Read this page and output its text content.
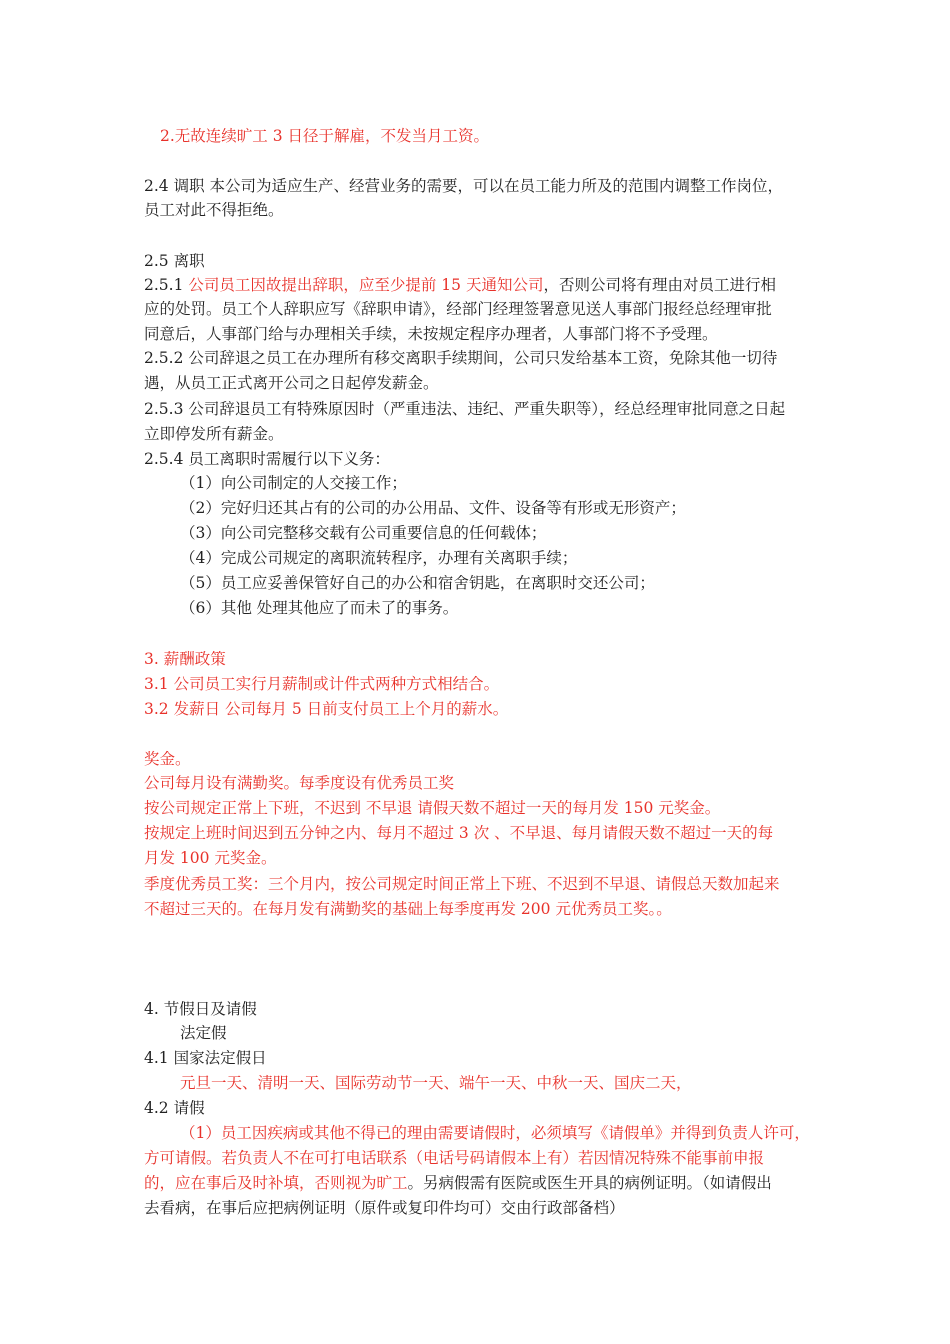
2.无故连续旷工 3 日径于解雇，不发当月工资。
2.4 调职 本公司为适应生产、经营业务的需要，可以在员工能力所及的范围内调整工作岗位，
员工对此不得拒绝。
2.5 离职
2.5.1 公司员工因故提出辞职，应至少提前 15 天通知公司，否则公司将有理由对员工进行相
应的处罚。员工个人辞职应写《辞职申请》，经部门经理签署意见送人事部门报经总经理审批
同意后，人事部门给与办理相关手续，未按规定程序办理者，人事部门将不予受理。
2.5.2 公司辞退之员工在办理所有移交离职手续期间，公司只发给基本工资，免除其他一切待
遇，从员工正式离开公司之日起停发薪金。
2.5.3 公司辞退员工有特殊原因时（严重违法、违纪、严重失职等），经总经理审批同意之日起
立即停发所有薪金。
2.5.4 员工离职时需履行以下义务：
（1）向公司制定的人交接工作；
（2）完好归还其占有的公司的办公用品、文件、设备等有形或无形资产；
（3）向公司完整移交载有公司重要信息的任何载体；
（4）完成公司规定的离职流转程序，办理有关离职手续；
（5）员工应妥善保管好自己的办公和宿舍钥匙，在离职时交还公司；
（6）其他 处理其他应了而未了的事务。
3. 薪酬政策
3.1 公司员工实行月薪制或计件式两种方式相结合。
3.2 发薪日 公司每月 5 日前支付员工上个月的薪水。
奖金。
公司每月设有满勤奖。每季度设有优秀员工奖
按公司规定正常上下班，不迟到 不早退 请假天数不超过一天的每月发 150 元奖金。
按规定上班时间迟到五分钟之内、每月不超过 3 次 、不早退、每月请假天数不超过一天的每
月发 100 元奖金。
季度优秀员工奖：三个月内，按公司规定时间正常上下班、不迟到不早退、请假总天数加起来
不超过三天的。在每月发有满勤奖的基础上每季度再发 200 元优秀员工奖。。
4. 节假日及请假
法定假
4.1 国家法定假日
元旦一天、清明一天、国际劳动节一天、端午一天、中秋一天、国庆二天，
4.2 请假
（1）员工因疾病或其他不得已的理由需要请假时，必须填写《请假单》并得到负责人许可，
方可请假。若负责人不在可打电话联系（电话号码请假本上有）若因情况特殊不能事前申报
的，应在事后及时补填，否则视为旷工。另病假需有医院或医生开具的病例证明。（如请假出
去看病，在事后应把病例证明（原件或复印件均可）交由行政部备档）
